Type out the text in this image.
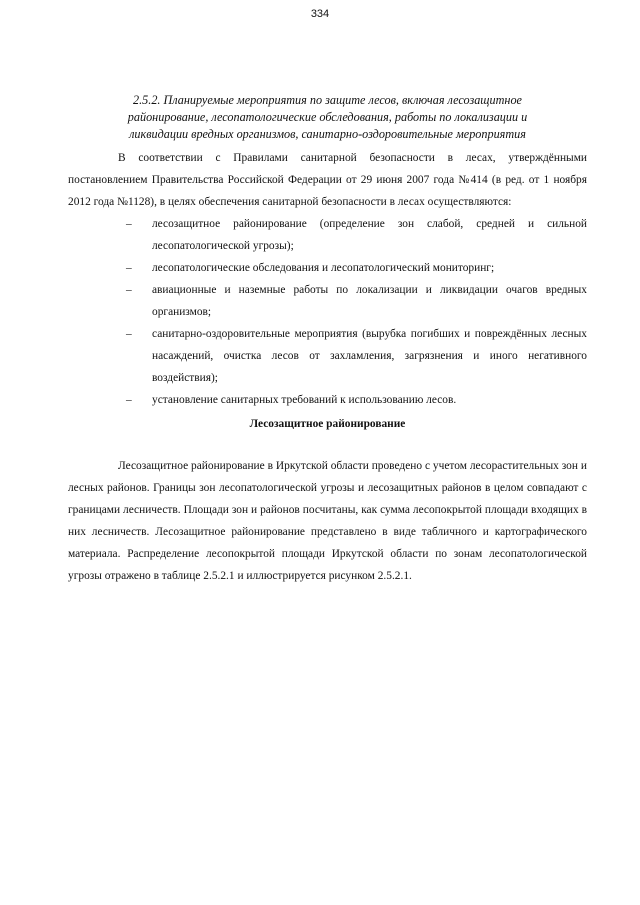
334
2.5.2. Планируемые мероприятия по защите лесов, включая лесозащитное
районирование, лесопатологические обследования, работы по локализации и
ликвидации вредных организмов, санитарно-оздоровительные мероприятия

В соответствии с Правилами санитарной безопасности в лесах, утверждёнными постановлением Правительства Российской Федерации от 29 июня 2007 года №414 (в ред. от 1 ноября 2012 года №1128), в целях обеспечения санитарной безопасности в лесах осуществляются:

– лесозащитное районирование (определение зон слабой, средней и сильной лесопатологической угрозы);
– лесопатологические обследования и лесопатологический мониторинг;
– авиационные и наземные работы по локализации и ликвидации очагов вредных организмов;
– санитарно-оздоровительные мероприятия (вырубка погибших и повреждённых лесных насаждений, очистка лесов от захламления, загрязнения и иного негативного воздействия);
– установление санитарных требований к использованию лесов.
Лесозащитное районирование

Лесозащитное районирование в Иркутской области проведено с учетом лесорастительных зон и лесных районов. Границы зон лесопатологической угрозы и лесозащитных районов в целом совпадают с границами лесничеств. Площади зон и районов посчитаны, как сумма лесопокрытой площади входящих в них лесничеств. Лесозащитное районирование представлено в виде табличного и картографического материала. Распределение лесопокрытой площади Иркутской области по зонам лесопатологической угрозы отражено в таблице 2.5.2.1 и иллюстрируется рисунком 2.5.2.1.
